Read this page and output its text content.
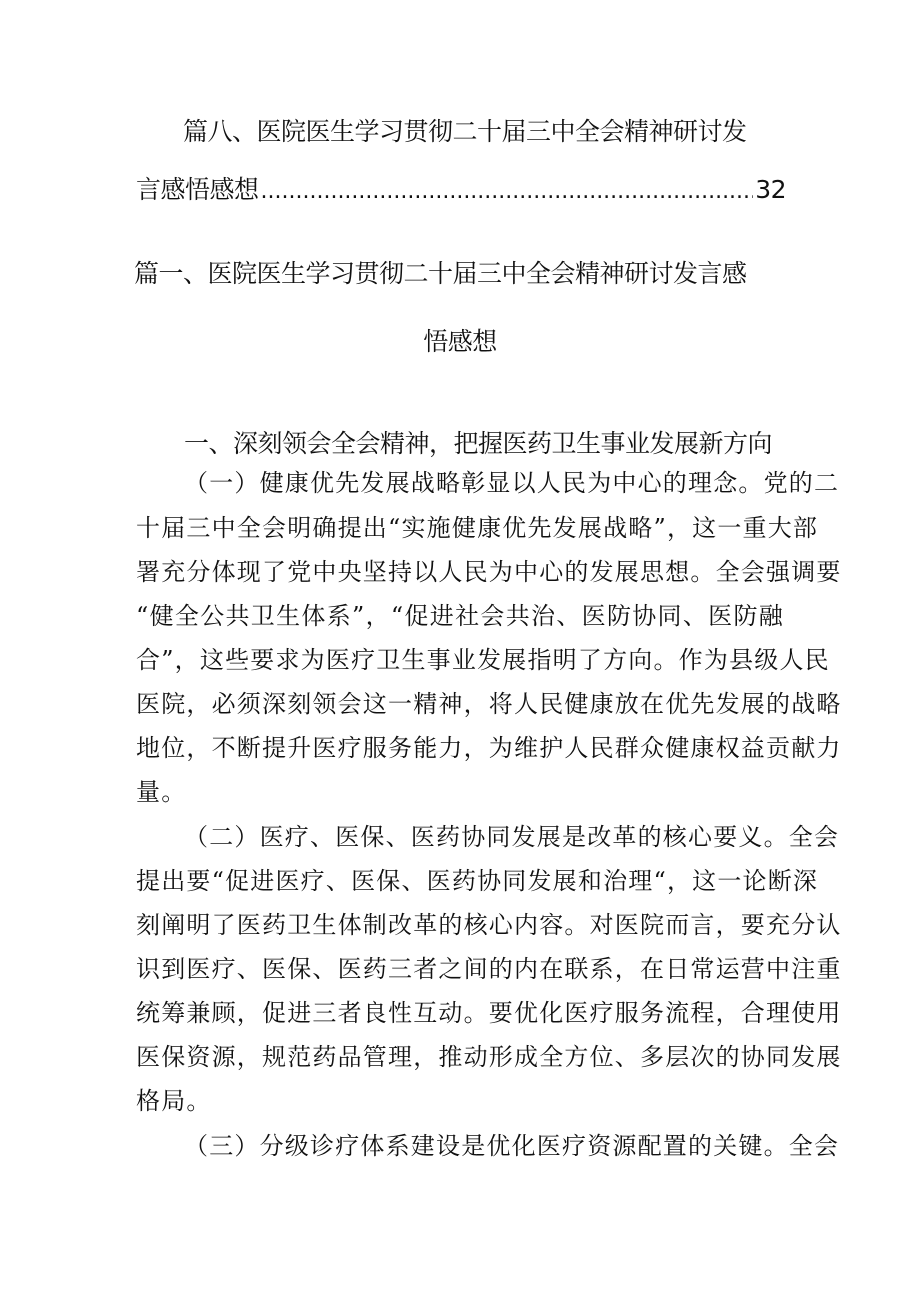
篇八、医院医生学习贯彻二十届三中全会精神研讨发
言感悟感想
.....	32
篇一、医院医生学习贯彻二十届三中全会精神研讨发言感
悟感想
一、深刻领会全会精神，把握医药卫生事业发展新方向
（一）健康优先发展战略彰显以人民为中心的理念。党的二
十届三中全会明确提出“实施健康优先发展战略”，这一重大部
署充分体现了党中央坚持以人民为中心的发展思想。全会强调要
“健全公共卫生体系”，“促进社会共治、医防协同、医防融
合”，这些要求为医疗卫生事业发展指明了方向。作为县级人民
医院，必须深刻领会这一精神，将人民健康放在优先发展的战略
地位，不断提升医疗服务能力，为维护人民群众健康权益贡献力
量。
（二）医疗、医保、医药协同发展是改革的核心要义。全会
提出要“促进医疗、医保、医药协同发展和治理“，这一论断深
刻阐明了医药卫生体制改革的核心内容。对医院而言，要充分认
识到医疗、医保、医药三者之间的内在联系，在日常运营中注重
统筹兼顾，促进三者良性互动。要优化医疗服务流程，合理使用
医保资源，规范药品管理，推动形成全方位、多层次的协同发展
格局。
（三）分级诊疗体系建设是优化医疗资源配置的关键。全会
